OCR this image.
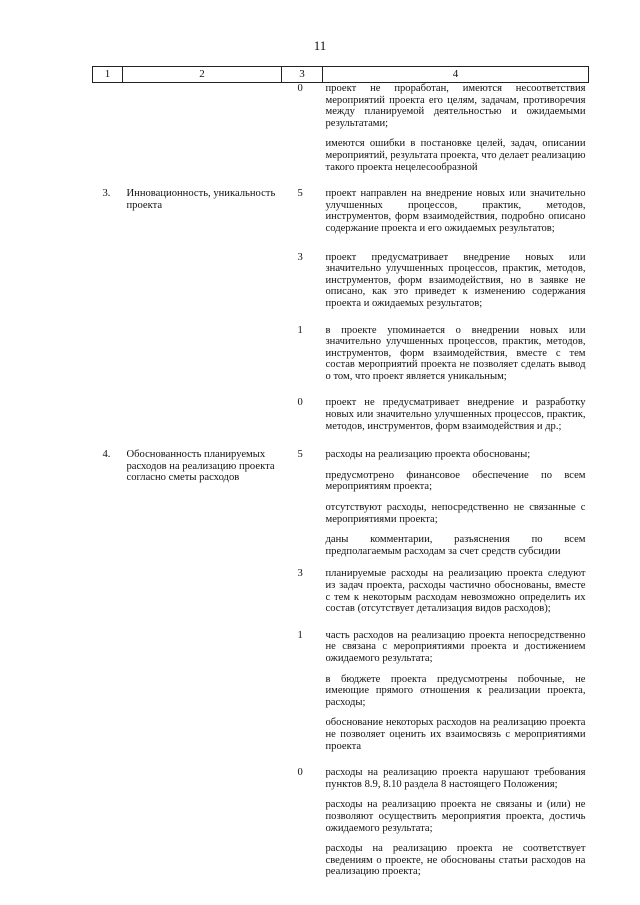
11
1	2	3	4
		0	проект не проработан, имеются несоответствия мероприятий проекта его целям, задачам, противоречия между планируемой деятельностью и ожидаемыми результатами;
имеются ошибки в постановке целей, задач, описании мероприятий, результата проекта, что делает реализацию такого проекта нецелесообразной

3.	Инновационность, уникальность проекта	5	проект направлен на внедрение новых или значительно улучшенных процессов, практик, методов, инструментов, форм взаимодействия, подробно описано содержание проекта и его ожидаемых результатов;

		3	проект предусматривает внедрение новых или значительно улучшенных процессов, практик, методов, инструментов, форм взаимодействия, но в заявке не описано, как это приведет к изменению содержания проекта и ожидаемых результатов;

		1	в проекте упоминается о внедрении новых или значительно улучшенных процессов, практик, методов, инструментов, форм взаимодействия, вместе с тем состав мероприятий проекта не позволяет сделать вывод о том, что проект является уникальным;

		0	проект не предусматривает внедрение и разработку новых или значительно улучшенных процессов, практик, методов, инструментов, форм взаимодействия и др.;

4.	Обоснованность планируемых расходов на реализацию проекта согласно сметы расходов	5	расходы на реализацию проекта обоснованы;
предусмотрено финансовое обеспечение по всем мероприятиям проекта;
отсутствуют расходы, непосредственно не связанные с мероприятиями проекта;
даны комментарии, разъяснения по всем предполагаемым расходам за счет средств субсидии

		3	планируемые расходы на реализацию проекта следуют из задач проекта, расходы частично обоснованы, вместе с тем к некоторым расходам невозможно определить их состав (отсутствует детализация видов расходов);

		1	часть расходов на реализацию проекта непосредственно не связана с мероприятиями проекта и достижением ожидаемого результата;
в бюджете проекта предусмотрены побочные, не имеющие прямого отношения к реализации проекта, расходы;
обоснование некоторых расходов на реализацию проекта не позволяет оценить их взаимосвязь с мероприятиями проекта

		0	расходы на реализацию проекта нарушают требования пунктов 8.9, 8.10 раздела 8 настоящего Положения;
расходы на реализацию проекта не связаны и (или) не позволяют осуществить мероприятия проекта, достичь ожидаемого результата;
расходы на реализацию проекта не соответствует сведениям о проекте, не обоснованы статьи расходов на реализацию проекта;
